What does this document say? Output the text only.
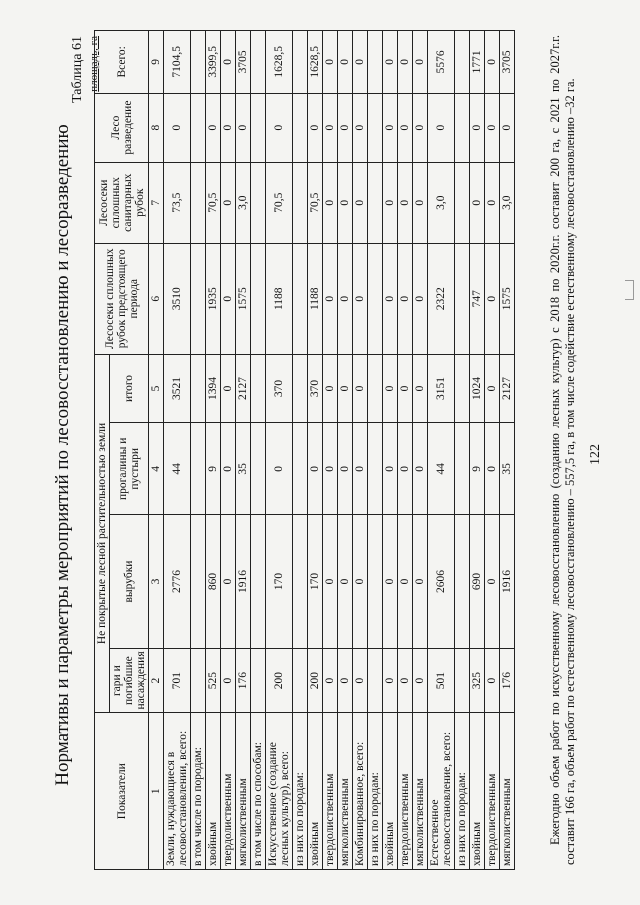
Нормативы и параметры мероприятий по лесовосстановлению и лесоразведению
Таблица 61 площадь, га
Показатели	Не покрытые лесной растительностью земли				Лесосеки сплошных рубок предстоящего периода	Лесосеки сплошных санитарных рубок	Лесо разведение	Всего:
	гари и погибшие насаждения	вырубки	прогалины и пустыри	итого				
1	2	3	4	5	6	7	8	9
Земли, нуждающиеся в лесовосстановлении, всего:	701	2776	44	3521	3510	73,5	0	7104,5
в том числе по породам:								
хвойным	525	860	9	1394	1935	70,5	0	3399,5
твердолиственным	0	0	0	0	0	0	0	0
мягколиственным	176	1916	35	2127	1575	3,0	0	3705
в том числе по способам:								
Искусственное (создание лесных культур), всего:	200	170	0	370	1188	70,5	0	1628,5
из них по породам:								
хвойным	200	170	0	370	1188	70,5	0	1628,5
твердолиственным	0	0	0	0	0	0	0	0
мягколиственным	0	0	0	0	0	0	0	0
Комбинированное, всего:	0	0	0	0	0	0	0	0
из них по породам:								
хвойным	0	0	0	0	0	0	0	0
твердолиственным	0	0	0	0	0	0	0	0
мягколиственным	0	0	0	0	0	0	0	0
Естественное лесовосстановление, всего:	501	2606	44	3151	2322	3,0	0	5576
из них по породам:								
хвойным	325	690	9	1024	747	0	0	1771
твердолиственным	0	0	0	0	0	0	0	0
мягколиственным	176	1916	35	2127	1575	3,0	0	3705	Ежегодно объем работ по искусственному лесовосстановлению (созданию лесных культур) с 2018 по 2020г.г. составит 200 га, с 2021 по 2027г.г. составит 166 га, объем работ по естественному лесовосстановлению – 557,5 га, в том числе содействие естественному лесовосстановлению –32 га. 122
